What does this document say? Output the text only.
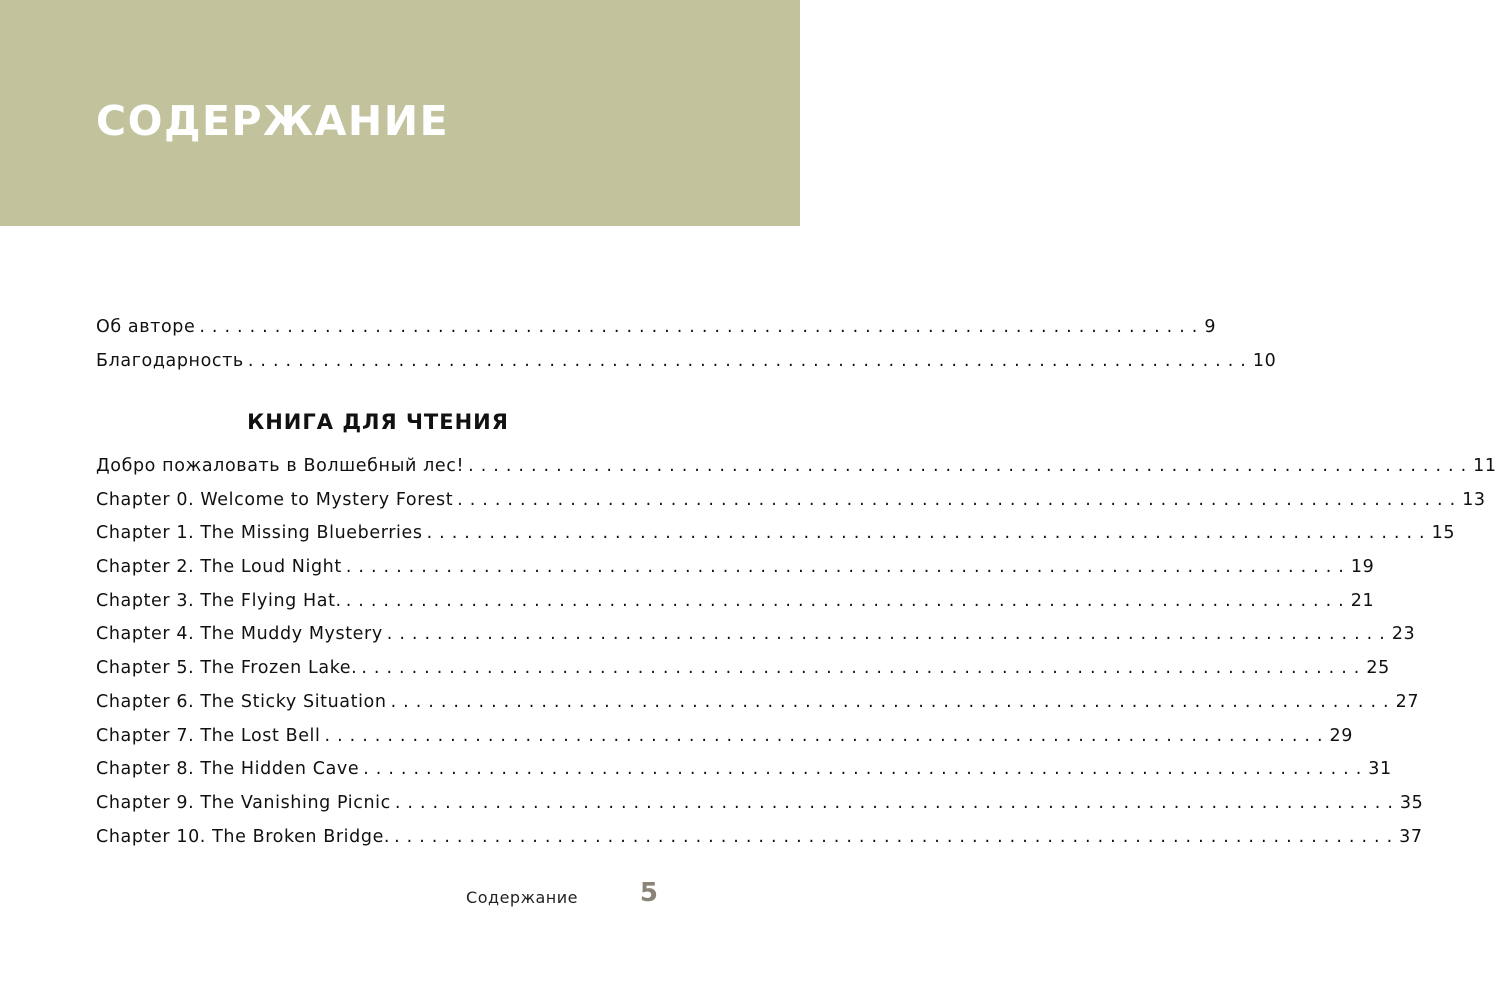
СОДЕРЖАНИЕ
Об авторе ................................................................................ 9
Благодарность ................................................................................ 10
КНИГА ДЛЯ ЧТЕНИЯ
Добро пожаловать в Волшебный лес! ................................................................................ 11
Chapter 0. Welcome to Mystery Forest ................................................................................ 13
Chapter 1. The Missing Blueberries ................................................................................ 15
Chapter 2. The Loud Night ................................................................................ 19
Chapter 3. The Flying Hat. ................................................................................ 21
Chapter 4. The Muddy Mystery ................................................................................ 23
Chapter 5. The Frozen Lake. ................................................................................ 25
Chapter 6. The Sticky Situation ................................................................................ 27
Chapter 7. The Lost Bell ................................................................................ 29
Chapter 8. The Hidden Cave ................................................................................ 31
Chapter 9. The Vanishing Picnic ................................................................................ 35
Chapter 10. The Broken Bridge. ................................................................................ 37
Содержание 5
